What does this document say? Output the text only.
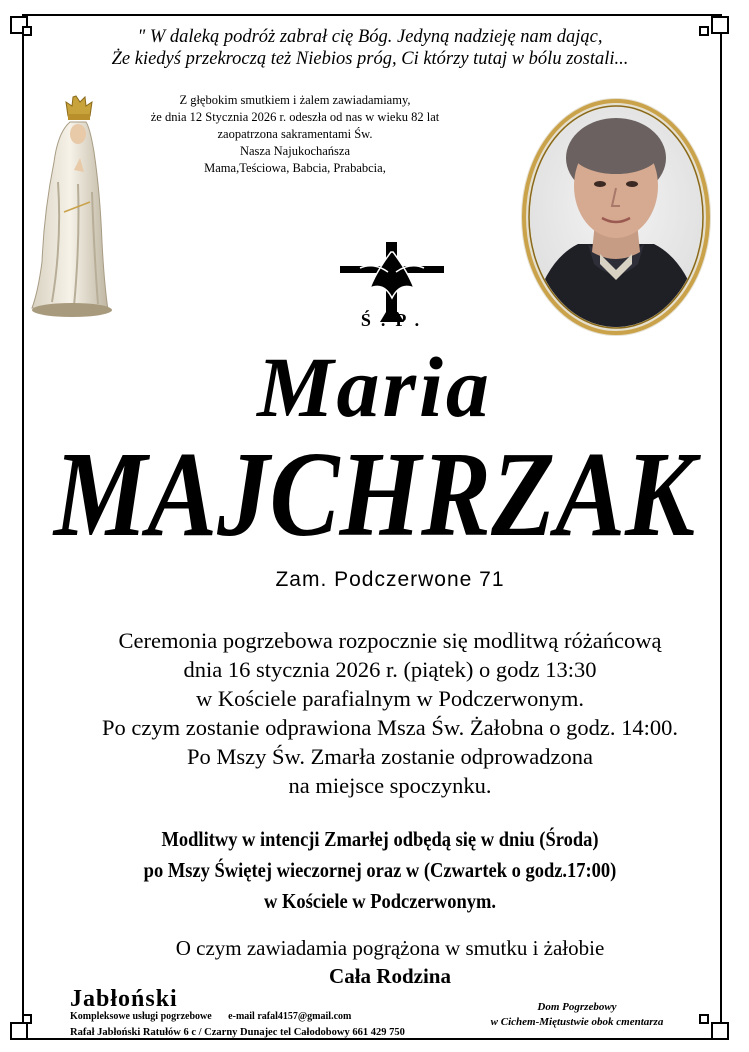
" W daleką podróż zabrał cię Bóg. Jedyną nadzieję nam dając,
Że kiedyś przekroczą też Niebios próg, Ci którzy tutaj w bólu zostali...
Z głębokim smutkiem i żalem zawiadamiamy,
że dnia 12 Stycznia 2026 r. odeszła od nas w wieku 82 lat
zaopatrzona sakramentami Św.
Nasza Najukochańsza
Mama,Teściowa, Babcia, Prababcia,
Ś.P.
Maria
MAJCHRZAK
Zam. Podczerwone 71
Ceremonia pogrzebowa rozpocznie się modlitwą różańcową
dnia 16 stycznia 2026 r. (piątek) o godz 13:30
w Kościele parafialnym w Podczerwonym.
Po czym zostanie odprawiona Msza Św. Żałobna o godz. 14:00.
Po Mszy Św. Zmarła zostanie odprowadzona
na miejsce spoczynku.
Modlitwy w intencji Zmarłej odbędą się w dniu (Środa)
po Mszy Świętej wieczornej oraz w (Czwartek o godz.17:00)
w Kościele w Podczerwonym.
O czym zawiadamia pogrążona w smutku i żałobie
Cała Rodzina
Jabłoński
Kompleksowe usługi pogrzebowe e-mail rafal4157@gmail.com
Rafał Jabłoński Ratułów 6 c / Czarny Dunajec tel Całodobowy 661 429 750
Dom Pogrzebowy
w Cichem-Miętustwie obok cmentarza
